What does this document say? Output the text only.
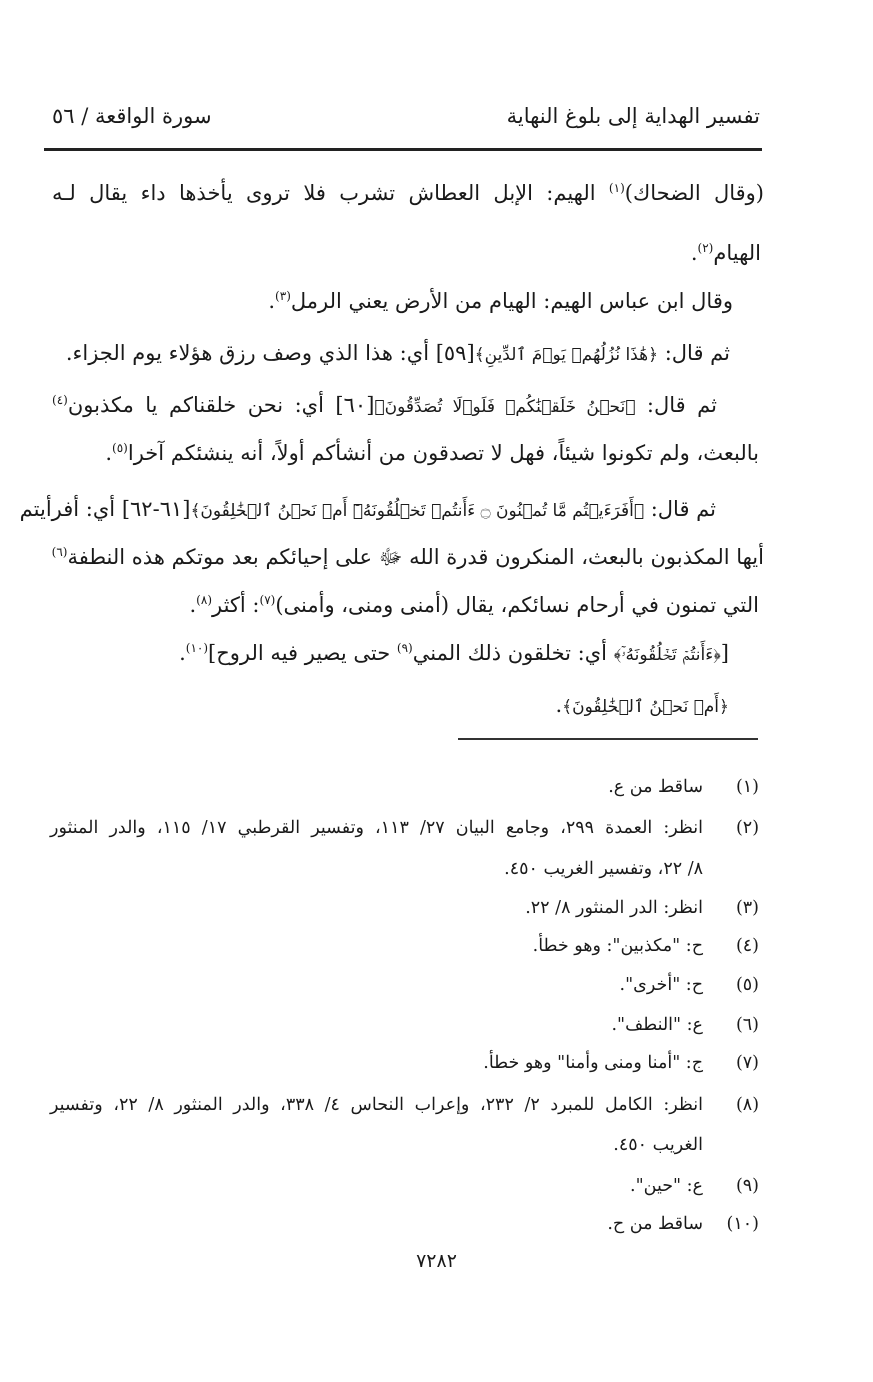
تفسير الهداية إلى بلوغ النهاية
سورة الواقعة / ٥٦
(وقال الضحاك)$^{(١)}$ الهيم: الإبل العطاش تشرب فلا تروى يأخذها داء يقال لـه
الهيام$^{(٢)}$.
وقال ابن عباس الهيم: الهيام من الأرض يعني الرمل$^{(٣)}$.
ثم قال: ﴿هَٰذَا نُزُلُهُمۡ يَوۡمَ ٱلدِّينِ﴾[٥٩] أي: هذا الذي وصف رزق هؤلاء يوم الجزاء.
ثم قال: ﴿نَحۡنُ خَلَقۡنَٰكُمۡ فَلَوۡلَا تُصَدِّقُونَ﴾[٦٠] أي: نحن خلقناكم يا مكذبون$^{(٤)}$
بالبعث، ولم تكونوا شيئاً، فهل لا تصدقون من أنشأكم أولاً، أنه ينشئكم آخرا$^{(٥)}$.
ثم قال: ﴿أَفَرَءَيۡتُم مَّا تُمۡنُونَ ۝ ءَأَنتُمۡ تَخۡلُقُونَهُۥٓ أَمۡ نَحۡنُ ٱلۡخَٰلِقُونَ﴾[٦١-٦٢] أي: أفرأيتم
أيها المكذبون بالبعث، المنكرون قدرة الله ﷻ على إحيائكم بعد موتكم هذه النطفة$^{(٦)}$
التي تمنون في أرحام نسائكم، يقال (أمنى ومنى، وأمنى)$^{(٧)}$: أكثر$^{(٨)}$.
[﴿ءَأَنتُمۡ تَخۡلُقُونَهُۥٓ﴾ أي: تخلقون ذلك المني$^{(٩)}$ حتى يصير فيه الروح]$^{(١٠)}$.
﴿أَمۡ نَحۡنُ ٱلۡخَٰلِقُونَ﴾.
(١)ساقط من ع.
(٢)انظر: العمدة ٢٩٩، وجامع البيان ٢٧/ ١١٣، وتفسير القرطبي ١٧/ ١١٥، والدر المنثور
٨/ ٢٢، وتفسير الغريب ٤٥٠.
(٣)انظر: الدر المنثور ٨/ ٢٢.
(٤)ح: "مكذبين": وهو خطأ.
(٥)ح: "أخرى".
(٦)ع: "النطف".
(٧)ج: "أمنا ومنى وأمنا" وهو خطأ.
(٨)انظر: الكامل للمبرد ٢/ ٢٣٢، وإعراب النحاس ٤/ ٣٣٨، والدر المنثور ٨/ ٢٢، وتفسير
الغريب ٤٥٠.
(٩)ع: "حين".
(١٠)ساقط من ح.
٧٢٨٢
